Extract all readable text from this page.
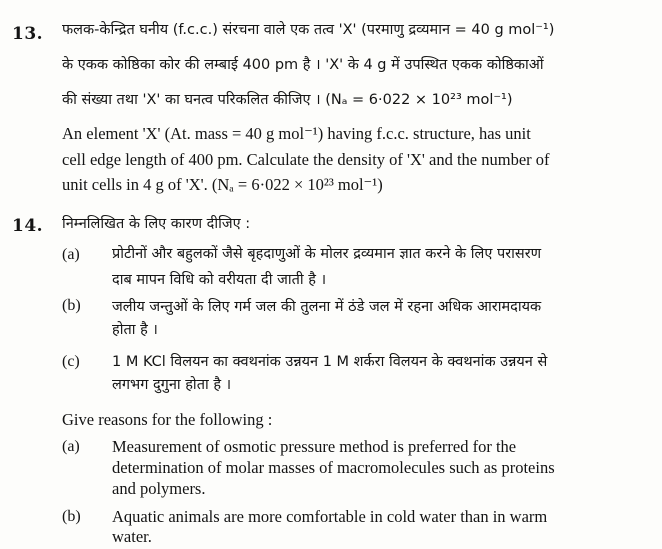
13. फलक-केन्द्रित घनीय (f.c.c.) संरचना वाले एक तत्व 'X' (परमाणु द्रव्यमान = 40 g mol⁻¹)
के एकक कोष्ठिका कोर की लम्बाई 400 pm है । 'X' के 4 g में उपस्थित एकक कोष्ठिकाओं
की संख्या तथा 'X' का घनत्व परिकलित कीजिए । (Nₐ = 6·022 × 10²³ mol⁻¹)
An element 'X' (At. mass = 40 g mol⁻¹) having f.c.c. structure, has unit
cell edge length of 400 pm. Calculate the density of 'X' and the number of
unit cells in 4 g of 'X'. (Nₐ = 6·022 × 10²³ mol⁻¹)
14. निम्नलिखित के लिए कारण दीजिए :
(a) प्रोटीनों और बहुलकों जैसे बृहदाणुओं के मोलर द्रव्यमान ज्ञात करने के लिए परासरण
दाब मापन विधि को वरीयता दी जाती है ।
(b) जलीय जन्तुओं के लिए गर्म जल की तुलना में ठंडे जल में रहना अधिक आरामदायक
होता है ।
(c) 1 M KCl विलयन का क्वथनांक उन्नयन 1 M शर्करा विलयन के क्वथनांक उन्नयन से
लगभग दुगुना होता है ।
Give reasons for the following :
(a) Measurement of osmotic pressure method is preferred for the
determination of molar masses of macromolecules such as proteins
and polymers.
(b) Aquatic animals are more comfortable in cold water than in warm
water.
